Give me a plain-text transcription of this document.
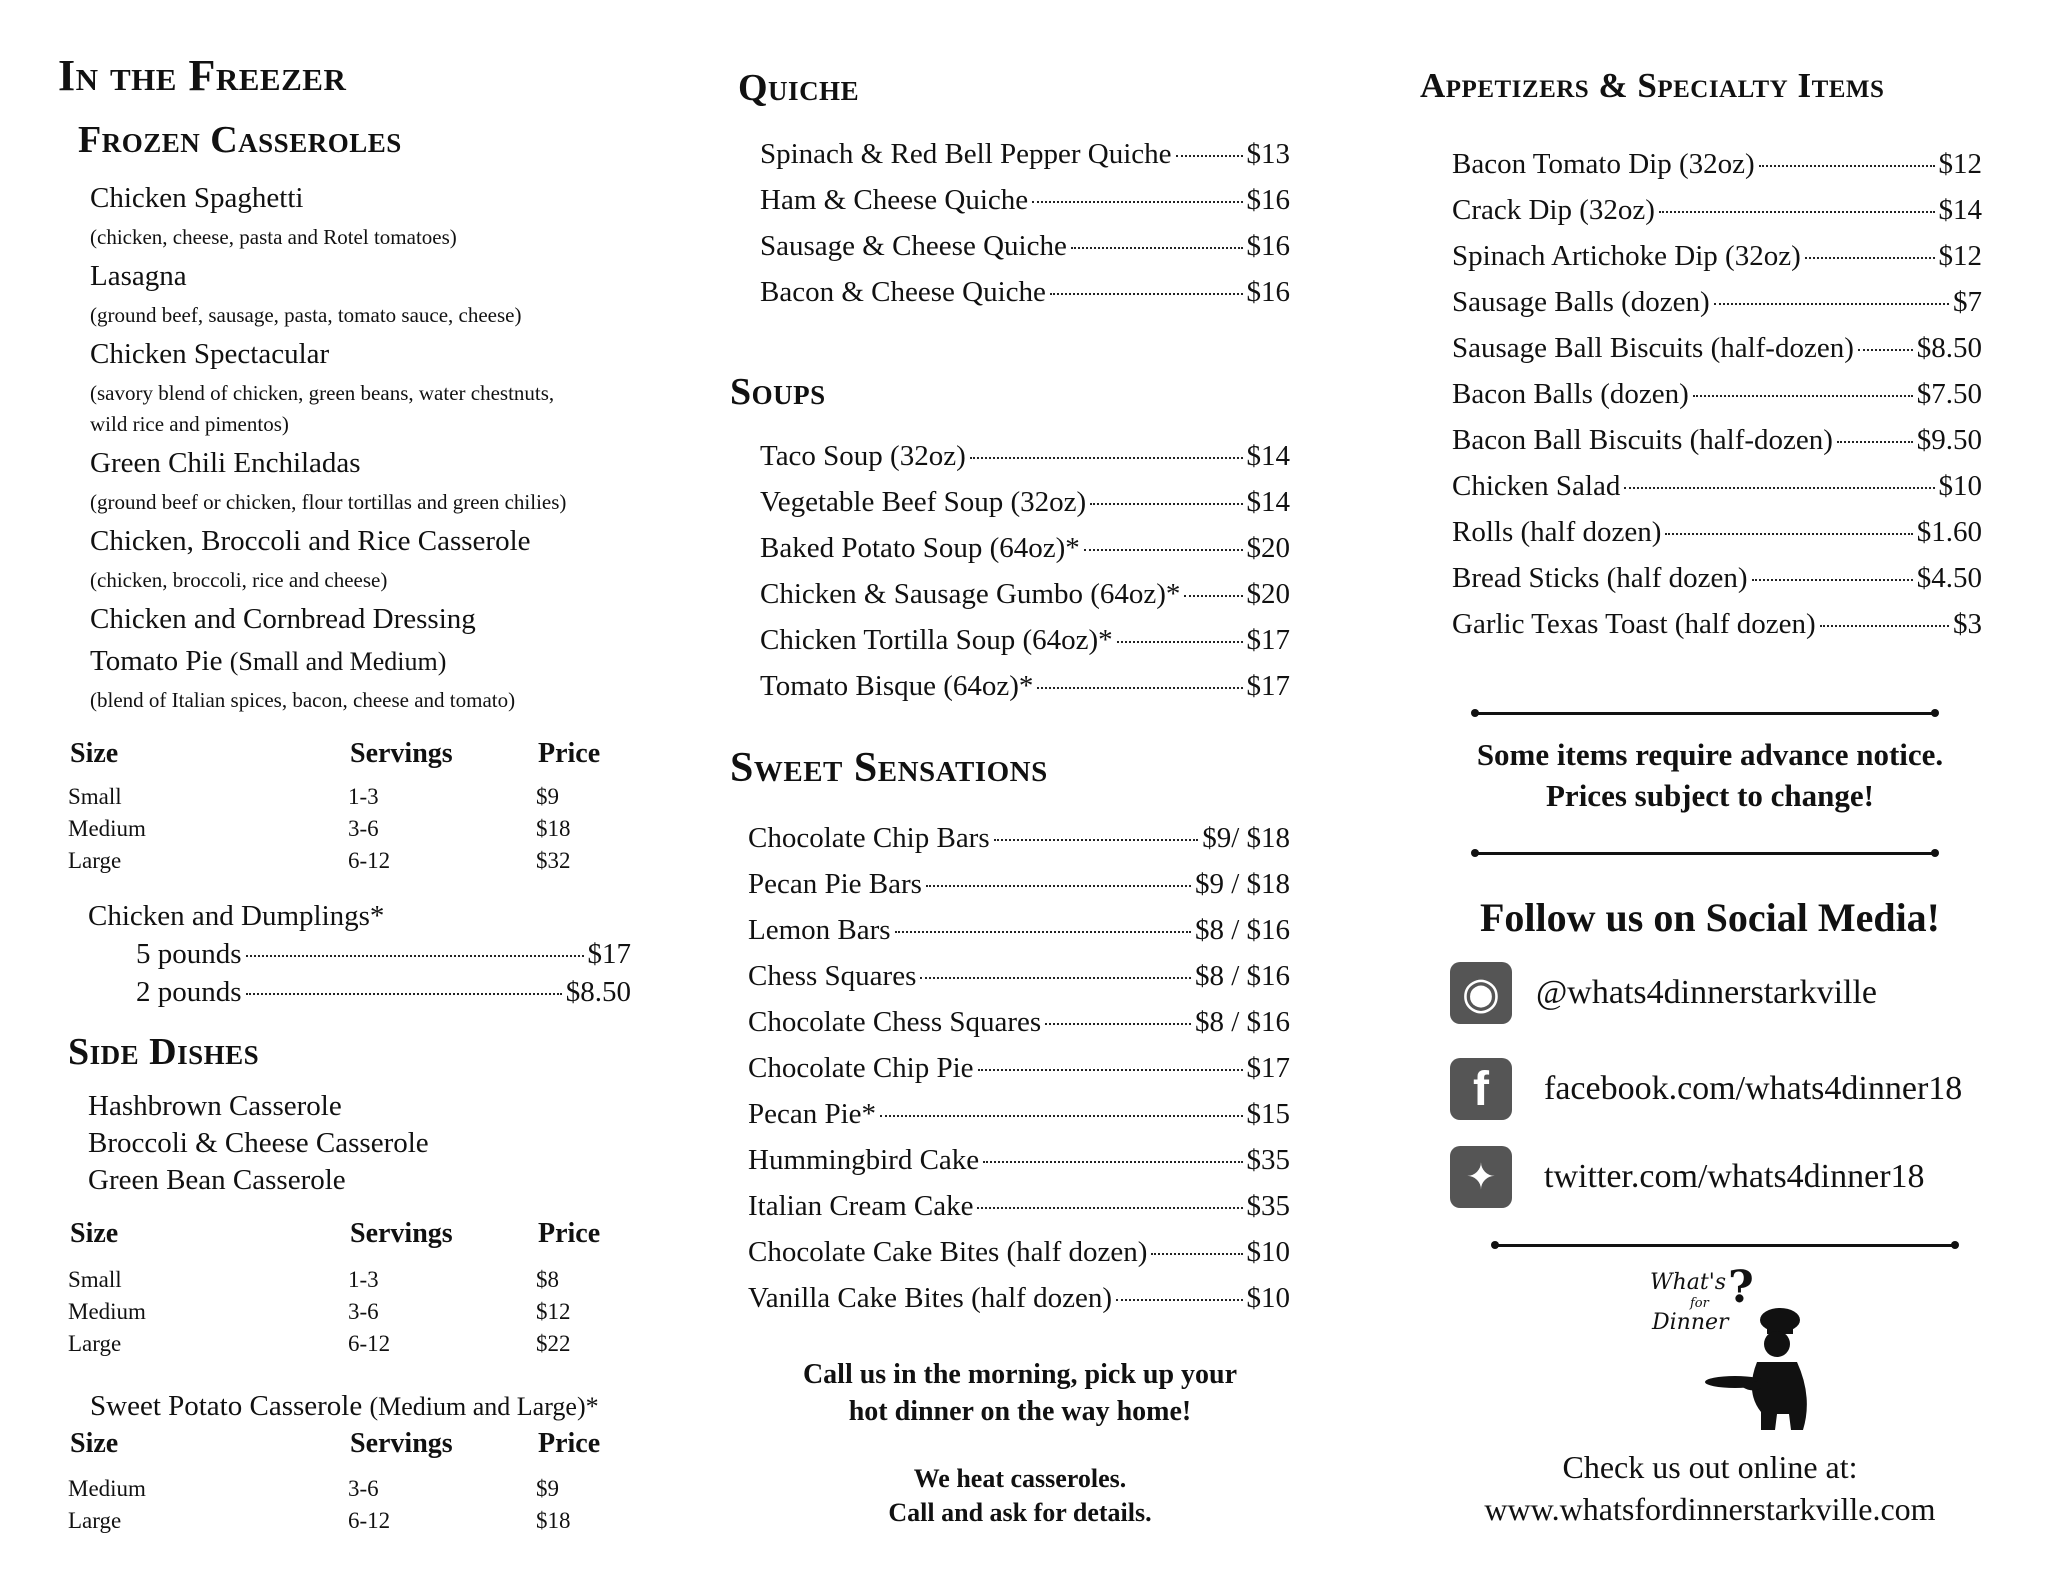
In the Freezer
Frozen Casseroles
Chicken Spaghetti
(chicken, cheese, pasta and Rotel tomatoes)
Lasagna
(ground beef, sausage, pasta, tomato sauce, cheese)
Chicken Spectacular
(savory blend of chicken, green beans, water chestnuts,
wild rice and pimentos)
Green Chili Enchiladas
(ground beef or chicken, flour tortillas and green chilies)
Chicken, Broccoli and Rice Casserole
(chicken, broccoli, rice and cheese)
Chicken and Cornbread Dressing
Tomato Pie (Small and Medium)
(blend of Italian spices, bacon, cheese and tomato)
Size	Servings	Price
Small	1-3	$9
Medium	3-6	$18
Large	6-12	$32
Chicken and Dumplings*
5 pounds	$17
2 pounds	$8.50
Side Dishes
Hashbrown Casserole
Broccoli & Cheese Casserole
Green Bean Casserole
Size	Servings	Price
Small	1-3	$8
Medium	3-6	$12
Large	6-12	$22
Sweet Potato Casserole (Medium and Large)*
Size	Servings	Price
Medium	3-6	$9
Large	6-12	$18
Quiche
Spinach & Red Bell Pepper Quiche	$13
Ham & Cheese Quiche	$16
Sausage & Cheese Quiche	$16
Bacon & Cheese Quiche	$16
Soups
Taco Soup (32oz)	$14
Vegetable Beef Soup (32oz)	$14
Baked Potato Soup (64oz)*	$20
Chicken & Sausage Gumbo (64oz)* $20
Chicken Tortilla Soup (64oz)*	$17
Tomato Bisque (64oz)*	$17
Sweet Sensations
Chocolate Chip Bars	$9/ $18
Pecan Pie Bars	$9 / $18
Lemon Bars	$8 / $16
Chess Squares	$8 / $16
Chocolate Chess Squares	$8 / $16
Chocolate Chip Pie	$17
Pecan Pie*	$15
Hummingbird Cake	$35
Italian Cream Cake	$35
Chocolate Cake Bites (half dozen)	$10
Vanilla Cake Bites (half dozen)	$10
Call us in the morning, pick up your
hot dinner on the way home!
We heat casseroles.
Call and ask for details.
Appetizers & Specialty Items
Bacon Tomato Dip (32oz)	$12
Crack Dip (32oz)	$14
Spinach Artichoke Dip (32oz)	$12
Sausage Balls (dozen)	$7
Sausage Ball Biscuits (half-dozen) $8.50
Bacon Balls (dozen)	$7.50
Bacon Ball Biscuits (half-dozen)	$9.50
Chicken Salad	$10
Rolls (half dozen)	$1.60
Bread Sticks (half dozen)	$4.50
Garlic Texas Toast (half dozen)	$3
Some items require advance notice.
Prices subject to change!
Follow us on Social Media!
◉	@whats4dinnerstarkville
f	facebook.com/whats4dinner18
✦	twitter.com/whats4dinner18
What's
for
Dinner
?
Check us out online at:
www.whatsfordinnerstarkville.com
